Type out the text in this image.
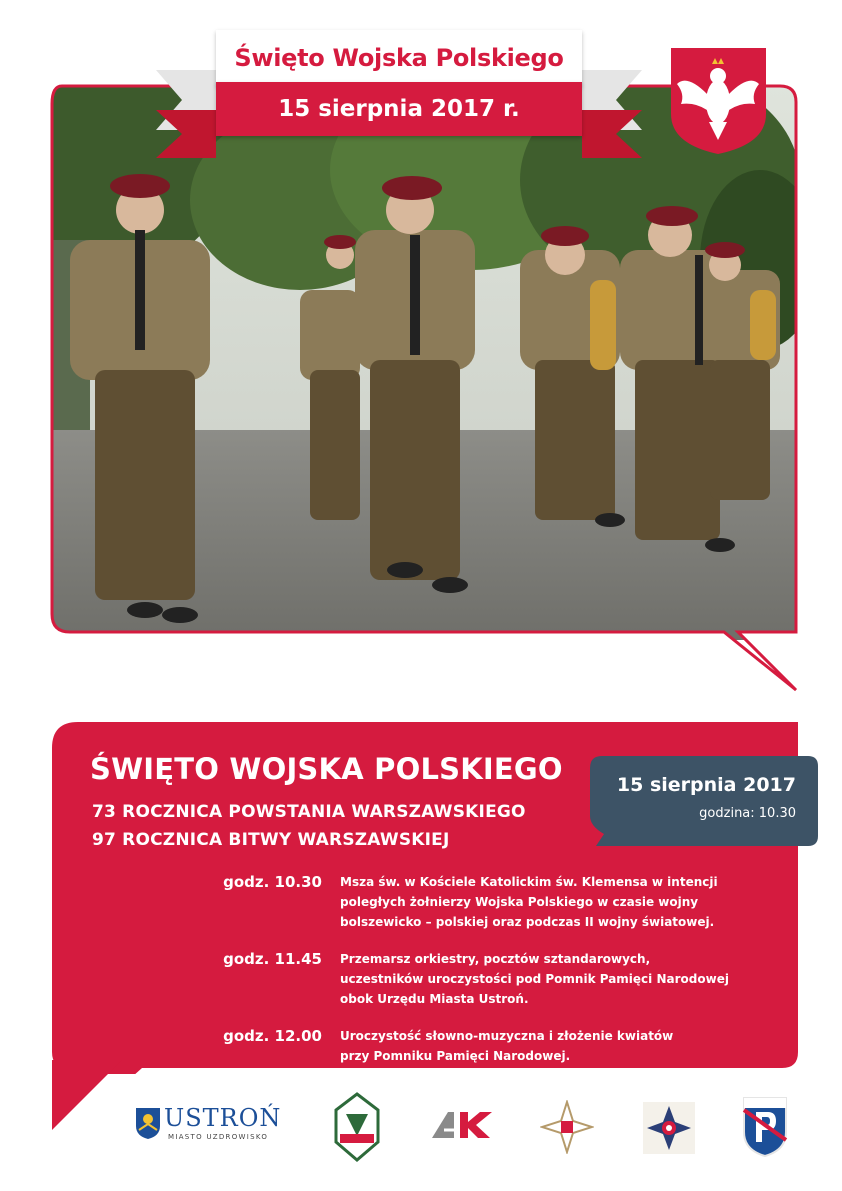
Święto Wojska Polskiego
15 sierpnia 2017 r.
ŚWIĘTO WOJSKA POLSKIEGO
73 ROCZNICA POWSTANIA WARSZAWSKIEGO
97 ROCZNICA BITWY WARSZAWSKIEJ
15 sierpnia 2017
godzina: 10.30
godz. 10.30	Msza św. w Kościele Katolickim św. Klemensa w intencji
poległych żołnierzy Wojska Polskiego w czasie wojny
bolszewicko – polskiej oraz podczas II wojny światowej.
godz. 11.45	Przemarsz orkiestry, pocztów sztandarowych,
uczestników uroczystości pod Pomnik Pamięci Narodowej
obok Urzędu Miasta Ustroń.
godz. 12.00	Uroczystość słowno-muzyczna i złożenie kwiatów
przy Pomniku Pamięci Narodowej.
USTROŃ
MIASTO UZDROWISKO
